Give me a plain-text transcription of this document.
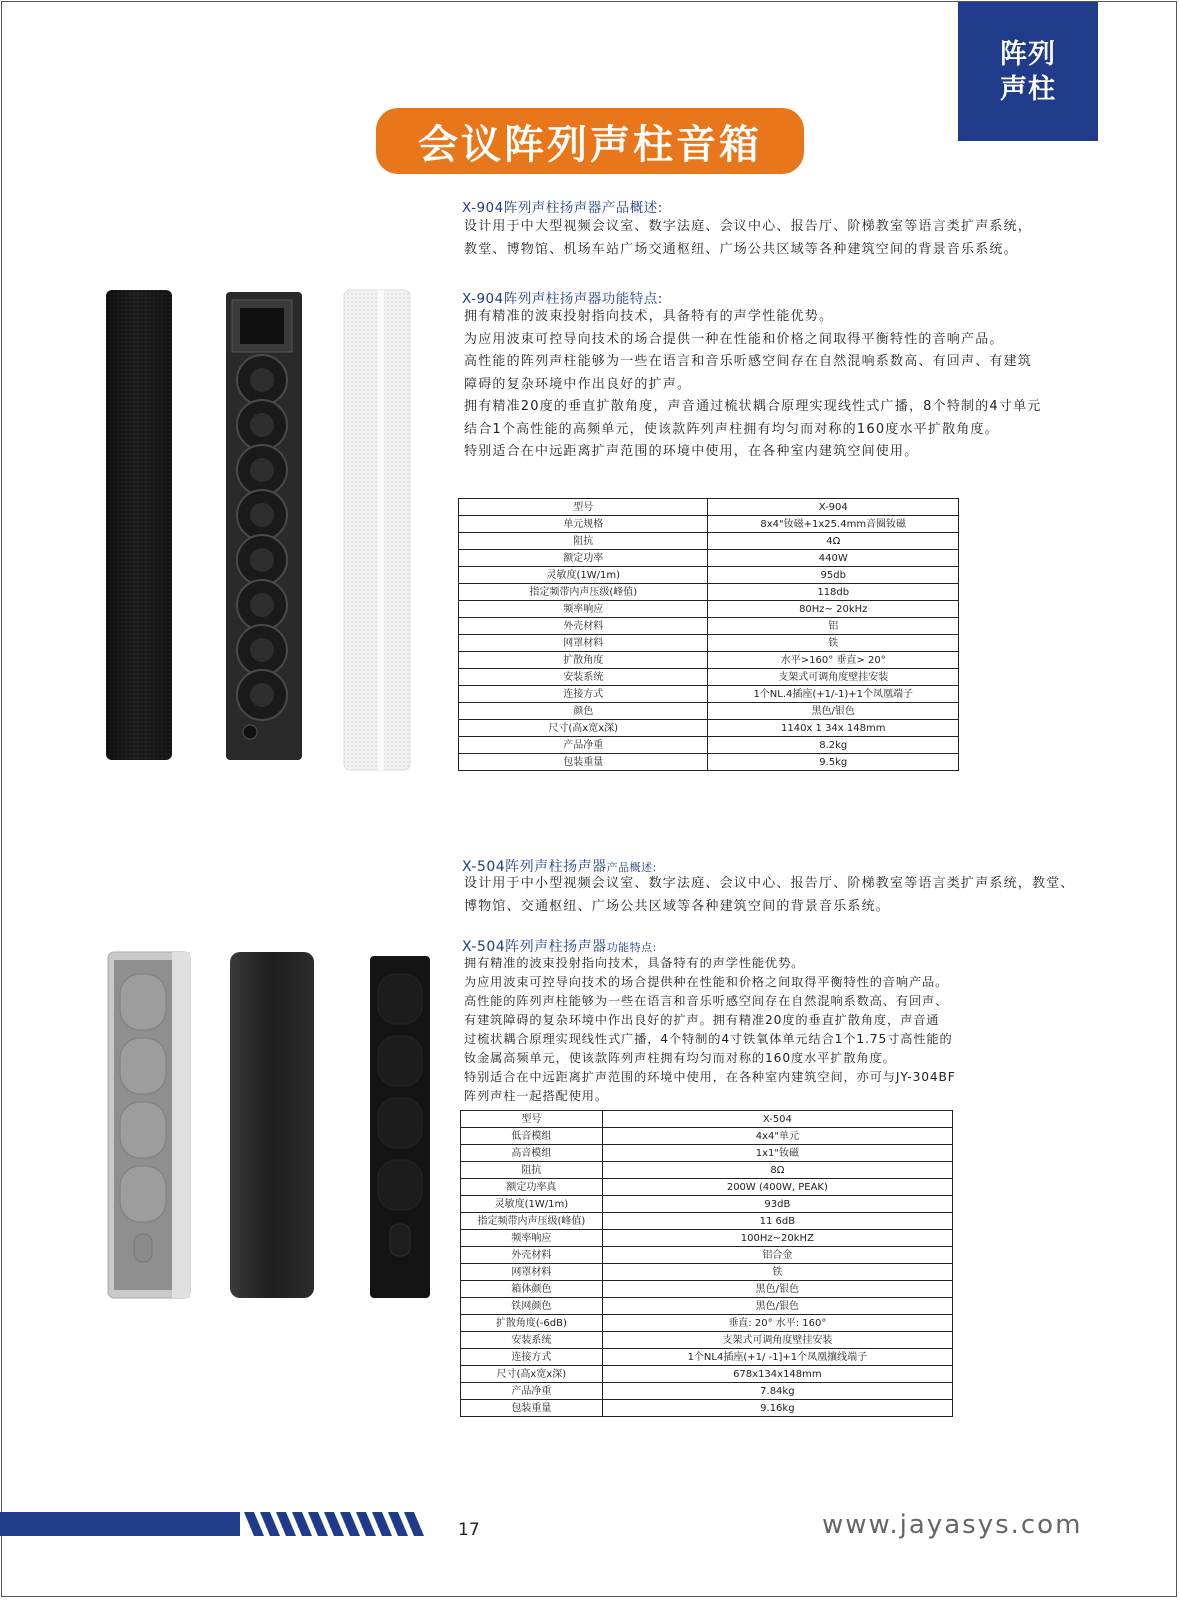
阵列
声柱
会议阵列声柱音箱
X-904阵列声柱扬声器产品概述:
设计用于中大型视频会议室、数字法庭、会议中心、报告厅、阶梯教室等语言类扩声系统，
教堂、博物馆、机场车站广场交通枢纽、广场公共区域等各种建筑空间的背景音乐系统。
X-904阵列声柱扬声器功能特点:
拥有精准的波束投射指向技术，具备特有的声学性能优势。
为应用波束可控导向技术的场合提供一种在性能和价格之间取得平衡特性的音响产品。
高性能的阵列声柱能够为一些在语言和音乐听感空间存在自然混响系数高、有回声、有建筑
障碍的复杂环境中作出良好的扩声。
拥有精准20度的垂直扩散角度，声音通过梳状耦合原理实现线性式广播，8个特制的4寸单元
结合1个高性能的高频单元，使该款阵列声柱拥有均匀而对称的160度水平扩散角度。
特别适合在中远距离扩声范围的环境中使用，在各种室内建筑空间使用。
型号	X-904
单元规格	8x4"钕磁+1x25.4mm音圈钕磁
阻抗	4Ω
额定功率	440W
灵敏度(1W/1m)	95db
指定频带内声压级(峰值)	118db
频率响应	80Hz~ 20kHz
外壳材料	铝
网罩材料	铁
扩散角度	水平>160° 垂直> 20°
安装系统	支架式可调角度壁挂安装
连接方式	1个NL.4插座(+1/-1)+1个凤凰端子
颜色	黑色/银色
尺寸(高x宽x深)	1140x 1 34x 148mm
产品净重	8.2kg
包装重量	9.5kg
X-504阵列声柱扬声器产品概述:
设计用于中小型视频会议室、数字法庭、会议中心、报告厅、阶梯教室等语言类扩声系统，教堂、
博物馆、交通枢纽、广场公共区域等各种建筑空间的背景音乐系统。
X-504阵列声柱扬声器功能特点:
拥有精准的波束投射指向技术，具备特有的声学性能优势。
为应用波束可控导向技术的场合提供种在性能和价格之间取得平衡特性的音响产品。
高性能的阵列声柱能够为一些在语言和音乐听感空间存在自然混响系数高、有回声、
有建筑障碍的复杂环境中作出良好的扩声。拥有精准20度的垂直扩散角度，声音通
过梳状耦合原理实现线性式广播，4个特制的4寸铁氧体单元结合1个1.75寸高性能的
钕金属高频单元，使该款阵列声柱拥有均匀而对称的160度水平扩散角度。
特别适合在中远距离扩声范围的环境中使用，在各种室内建筑空间，亦可与JY-304BF
阵列声柱一起搭配使用。
型号	X-504
低音模组	4x4"单元
高音模组	1x1"钕磁
阻抗	8Ω
额定功率真	200W (400W, PEAK)
灵敏度(1W/1m)	93dB
指定频带内声压级(峰值)	11 6dB
频率响应	100Hz~20kHZ
外壳材料	铝合金
网罩材料	铁
箱体颜色	黑色/银色
铁网颜色	黑色/银色
扩散角度(-6dB)	垂直: 20° 水平: 160°
安装系统	支架式可调角度壁挂安装
连接方式	1个NL4插座(+1/ -1]+1个凤凰攘线端子
尺寸(高x宽x深)	678x134x148mm
产品净重	7.84kg
包装重量	9.16kg
17	www.jayasys.com
